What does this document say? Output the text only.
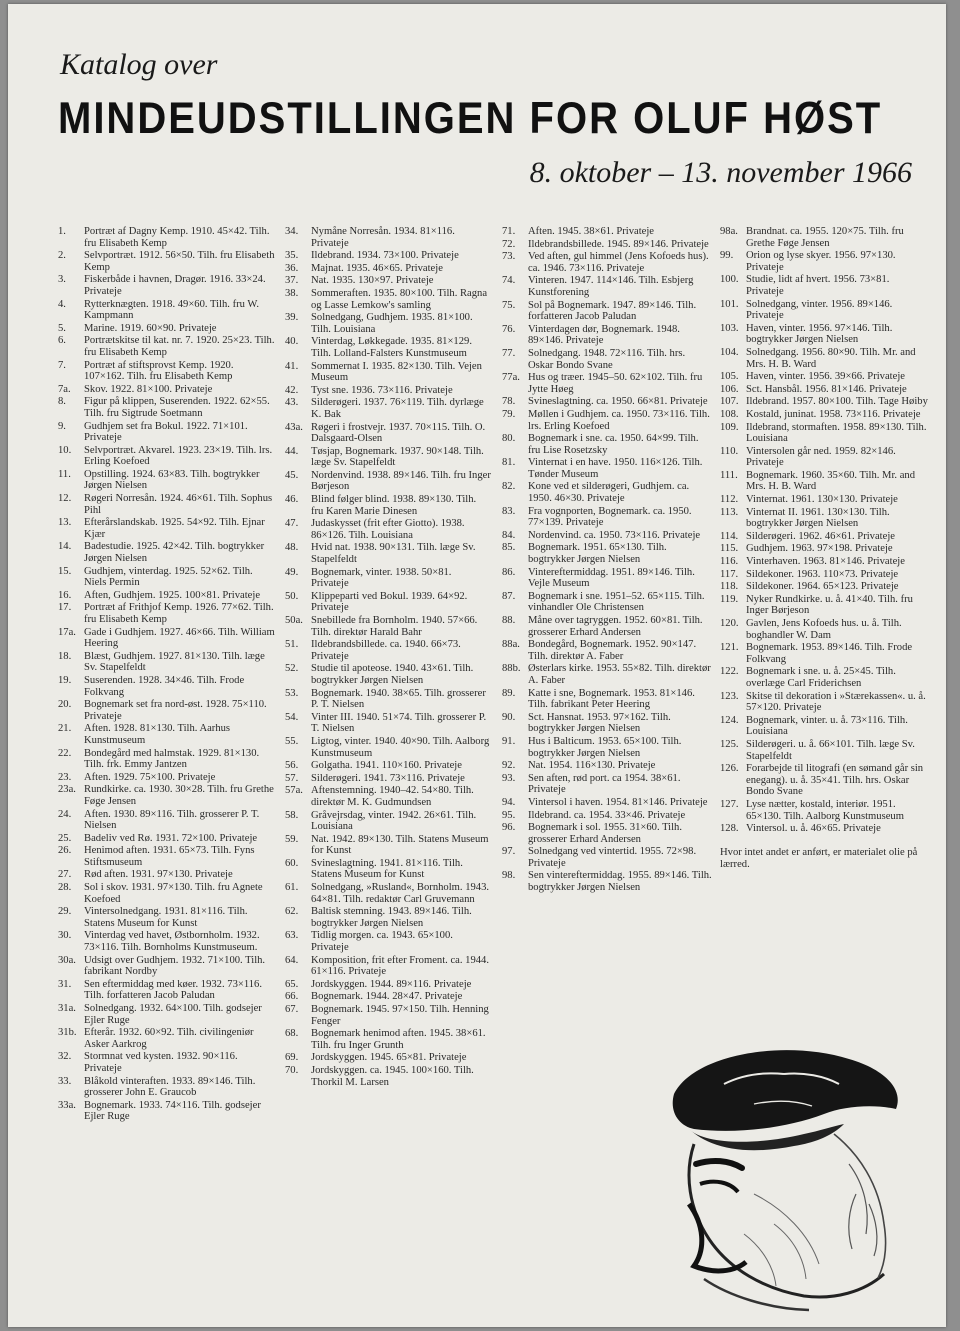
Katalog over
MINDEUDSTILLINGEN FOR OLUF HØST
8. oktober – 13. november 1966
1. Portræt af Dagny Kemp. 1910. 45×42. Tilh. fru Elisabeth Kemp
2. Selvportræt. 1912. 56×50. Tilh. fru Elisabeth Kemp
3. Fiskerbåde i havnen, Dragør. 1916. 33×24. Privateje
4. Rytterknægten. 1918. 49×60. Tilh. fru W. Kampmann
5. Marine. 1919. 60×90. Privateje
6. Portrætskitse til kat. nr. 7. 1920. 25×23. Tilh. fru Elisabeth Kemp
7. Portræt af stiftsprovst Kemp. 1920. 107×162. Tilh. fru Elisabeth Kemp
7a. Skov. 1922. 81×100. Privateje
8. Figur på klippen, Suserenden. 1922. 62×55. Tilh. fru Sigtrude Soetmann
9. Gudhjem set fra Bokul. 1922. 71×101. Privateje
10. Selvportræt. Akvarel. 1923. 23×19. Tilh. lrs. Erling Koefoed
11. Opstilling. 1924. 63×83. Tilh. bogtrykker Jørgen Nielsen
12. Røgeri Norresån. 1924. 46×61. Tilh. Sophus Pihl
13. Efterårslandskab. 1925. 54×92. Tilh. Ejnar Kjær
14. Badestudie. 1925. 42×42. Tilh. bogtrykker Jørgen Nielsen
15. Gudhjem, vinterdag. 1925. 52×62. Tilh. Niels Permin
16. Aften, Gudhjem. 1925. 100×81. Privateje
17. Portræt af Frithjof Kemp. 1926. 77×62. Tilh. fru Elisabeth Kemp
17a. Gade i Gudhjem. 1927. 46×66. Tilh. William Heering
18. Blæst, Gudhjem. 1927. 81×130. Tilh. læge Sv. Stapelfeldt
19. Suserenden. 1928. 34×46. Tilh. Frode Folkvang
20. Bognemark set fra nord-øst. 1928. 75×110. Privateje
21. Aften. 1928. 81×130. Tilh. Aarhus Kunstmuseum
22. Bondegård med halmstak. 1929. 81×130. Tilh. frk. Emmy Jantzen
23. Aften. 1929. 75×100. Privateje
23a. Rundkirke. ca. 1930. 30×28. Tilh. fru Grethe Føge Jensen
24. Aften. 1930. 89×116. Tilh. grosserer P. T. Nielsen
25. Badeliv ved Rø. 1931. 72×100. Privateje
26. Henimod aften. 1931. 65×73. Tilh. Fyns Stiftsmuseum
27. Rød aften. 1931. 97×130. Privateje
28. Sol i skov. 1931. 97×130. Tilh. fru Agnete Koefoed
29. Vintersolnedgang. 1931. 81×116. Tilh. Statens Museum for Kunst
30. Vinterdag ved havet, Østbornholm. 1932. 73×116. Tilh. Bornholms Kunstmuseum.
30a. Udsigt over Gudhjem. 1932. 71×100. Tilh. fabrikant Nordby
31. Sen eftermiddag med køer. 1932. 73×116. Tilh. forfatteren Jacob Paludan
31a. Solnedgang. 1932. 64×100. Tilh. godsejer Ejler Ruge
31b. Efterår. 1932. 60×92. Tilh. civilingeniør Asker Aarkrog
32. Stormnat ved kysten. 1932. 90×116. Privateje
33. Blåkold vinteraften. 1933. 89×146. Tilh. grosserer John E. Graucob
33a. Bognemark. 1933. 74×116. Tilh. godsejer Ejler Ruge
34. Nymåne Norresån. 1934. 81×116. Privateje
35. Ildebrand. 1934. 73×100. Privateje
36. Majnat. 1935. 46×65. Privateje
37. Nat. 1935. 130×97. Privateje
38. Sommeraften. 1935. 80×100. Tilh. Ragna og Lasse Lemkow's samling
39. Solnedgang, Gudhjem. 1935. 81×100. Tilh. Louisiana
40. Vinterdag, Løkkegade. 1935. 81×129. Tilh. Lolland-Falsters Kunstmuseum
41. Sommernat I. 1935. 82×130. Tilh. Vejen Museum
42. Tyst sne. 1936. 73×116. Privateje
43. Silderøgeri. 1937. 76×119. Tilh. dyrlæge K. Bak
43a. Røgeri i frostvejr. 1937. 70×115. Tilh. O. Dalsgaard-Olsen
44. Tøsjap, Bognemark. 1937. 90×148. Tilh. læge Sv. Stapelfeldt
45. Nordenvind. 1938. 89×146. Tilh. fru Inger Børjeson
46. Blind følger blind. 1938. 89×130. Tilh. fru Karen Marie Dinesen
47. Judaskysset (frit efter Giotto). 1938. 86×126. Tilh. Louisiana
48. Hvid nat. 1938. 90×131. Tilh. læge Sv. Stapelfeldt
49. Bognemark, vinter. 1938. 50×81. Privateje
50. Klippeparti ved Bokul. 1939. 64×92. Privateje
50a. Snebillede fra Bornholm. 1940. 57×66. Tilh. direktør Harald Bahr
51. Ildebrandsbillede. ca. 1940. 66×73. Privateje
52. Studie til apoteose. 1940. 43×61. Tilh. bogtrykker Jørgen Nielsen
53. Bognemark. 1940. 38×65. Tilh. grosserer P. T. Nielsen
54. Vinter III. 1940. 51×74. Tilh. grosserer P. T. Nielsen
55. Ligtog, vinter. 1940. 40×90. Tilh. Aalborg Kunstmuseum
56. Golgatha. 1941. 110×160. Privateje
57. Silderøgeri. 1941. 73×116. Privateje
57a. Aftenstemning. 1940–42. 54×80. Tilh. direktør M. K. Gudmundsen
58. Gråvejrsdag, vinter. 1942. 26×61. Tilh. Louisiana
59. Nat. 1942. 89×130. Tilh. Statens Museum for Kunst
60. Svineslagtning. 1941. 81×116. Tilh. Statens Museum for Kunst
61. Solnedgang, »Rusland«, Bornholm. 1943. 64×81. Tilh. redaktør Carl Gruvemann
62. Baltisk stemning. 1943. 89×146. Tilh. bogtrykker Jørgen Nielsen
63. Tidlig morgen. ca. 1943. 65×100. Privateje
64. Komposition, frit efter Froment. ca. 1944. 61×116. Privateje
65. Jordskyggen. 1944. 89×116. Privateje
66. Bognemark. 1944. 28×47. Privateje
67. Bognemark. 1945. 97×150. Tilh. Henning Fenger
68. Bognemark henimod aften. 1945. 38×61. Tilh. fru Inger Grunth
69. Jordskyggen. 1945. 65×81. Privateje
70. Jordskyggen. ca. 1945. 100×160. Tilh. Thorkil M. Larsen
71. Aften. 1945. 38×61. Privateje
72. Ildebrandsbillede. 1945. 89×146. Privateje
73. Ved aften, gul himmel (Jens Kofoeds hus). ca. 1946. 73×116. Privateje
74. Vinteren. 1947. 114×146. Tilh. Esbjerg Kunstforening
75. Sol på Bognemark. 1947. 89×146. Tilh. forfatteren Jacob Paludan
76. Vinterdagen dør, Bognemark. 1948. 89×146. Privateje
77. Solnedgang. 1948. 72×116. Tilh. hrs. Oskar Bondo Svane
77a. Hus og træer. 1945–50. 62×102. Tilh. fru Jytte Høeg
78. Svineslagtning. ca. 1950. 66×81. Privateje
79. Møllen i Gudhjem. ca. 1950. 73×116. Tilh. lrs. Erling Koefoed
80. Bognemark i sne. ca. 1950. 64×99. Tilh. fru Lise Rosetzsky
81. Vinternat i en have. 1950. 116×126. Tilh. Tønder Museum
82. Kone ved et silderøgeri, Gudhjem. ca. 1950. 46×30. Privateje
83. Fra vognporten, Bognemark. ca. 1950. 77×139. Privateje
84. Nordenvind. ca. 1950. 73×116. Privateje
85. Bognemark. 1951. 65×130. Tilh. bogtrykker Jørgen Nielsen
86. Vintereftermiddag. 1951. 89×146. Tilh. Vejle Museum
87. Bognemark i sne. 1951–52. 65×115. Tilh. vinhandler Ole Christensen
88. Måne over tagryggen. 1952. 60×81. Tilh. grosserer Erhard Andersen
88a. Bondegård, Bognemark. 1952. 90×147. Tilh. direktør A. Faber
88b. Østerlars kirke. 1953. 55×82. Tilh. direktør A. Faber
89. Katte i sne, Bognemark. 1953. 81×146. Tilh. fabrikant Peter Heering
90. Sct. Hansnat. 1953. 97×162. Tilh. bogtrykker Jørgen Nielsen
91. Hus i Balticum. 1953. 65×100. Tilh. bogtrykker Jørgen Nielsen
92. Nat. 1954. 116×130. Privateje
93. Sen aften, rød port. ca 1954. 38×61. Privateje
94. Vintersol i haven. 1954. 81×146. Privateje
95. Ildebrand. ca. 1954. 33×46. Privateje
96. Bognemark i sol. 1955. 31×60. Tilh. grosserer Erhard Andersen
97. Solnedgang ved vintertid. 1955. 72×98. Privateje
98. Sen vintereftermiddag. 1955. 89×146. Tilh. bogtrykker Jørgen Nielsen
98a. Brandnat. ca. 1955. 120×75. Tilh. fru Grethe Føge Jensen
99. Orion og lyse skyer. 1956. 97×130. Privateje
100. Studie, lidt af hvert. 1956. 73×81. Privateje
101. Solnedgang, vinter. 1956. 89×146. Privateje
103. Haven, vinter. 1956. 97×146. Tilh. bogtrykker Jørgen Nielsen
104. Solnedgang. 1956. 80×90. Tilh. Mr. and Mrs. H. B. Ward
105. Haven, vinter. 1956. 39×66. Privateje
106. Sct. Hansbål. 1956. 81×146. Privateje
107. Ildebrand. 1957. 80×100. Tilh. Tage Høiby
108. Kostald, juninat. 1958. 73×116. Privateje
109. Ildebrand, stormaften. 1958. 89×130. Tilh. Louisiana
110. Vintersolen går ned. 1959. 82×146. Privateje
111. Bognemark. 1960. 35×60. Tilh. Mr. and Mrs. H. B. Ward
112. Vinternat. 1961. 130×130. Privateje
113. Vinternat II. 1961. 130×130. Tilh. bogtrykker Jørgen Nielsen
114. Silderøgeri. 1962. 46×61. Privateje
115. Gudhjem. 1963. 97×198. Privateje
116. Vinterhaven. 1963. 81×146. Privateje
117. Sildekoner. 1963. 110×73. Privateje
118. Sildekoner. 1964. 65×123. Privateje
119. Nyker Rundkirke. u. å. 41×40. Tilh. fru Inger Børjeson
120. Gavlen, Jens Kofoeds hus. u. å. Tilh. boghandler W. Dam
121. Bognemark. 1953. 89×146. Tilh. Frode Folkvang
122. Bognemark i sne. u. å. 25×45. Tilh. overlæge Carl Friderichsen
123. Skitse til dekoration i »Stærekassen«. u. å. 57×120. Privateje
124. Bognemark, vinter. u. å. 73×116. Tilh. Louisiana
125. Silderøgeri. u. å. 66×101. Tilh. læge Sv. Stapelfeldt
126. Forarbejde til litografi (en sømand går sin enegang). u. å. 35×41. Tilh. hrs. Oskar Bondo Svane
127. Lyse nætter, kostald, interiør. 1951. 65×130. Tilh. Aalborg Kunstmuseum
128. Vintersol. u. å. 46×65. Privateje
Hvor intet andet er anført, er materialet olie på lærred.
